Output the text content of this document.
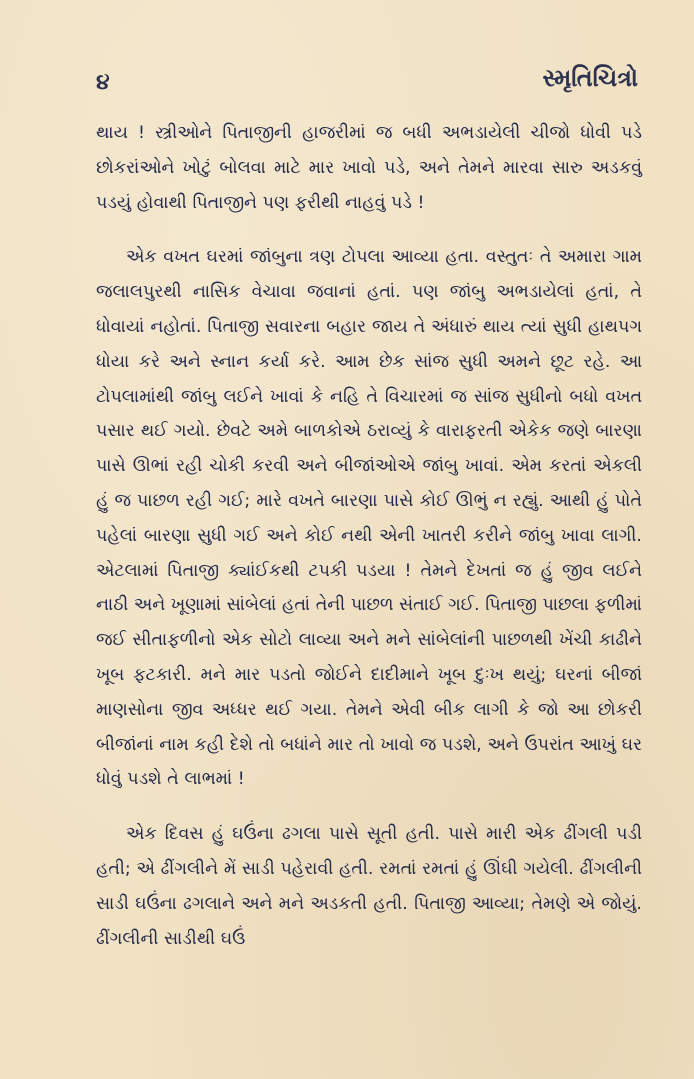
૪	સ્મૃતિચિત્રો

થાય ! સ્ત્રીઓને પિતાજીની હાજરીમાં જ બધી અભડાયેલી ચીજો ધોવી પડે છોકરાંઓને ખોટું બોલવા માટે માર ખાવો પડે, અને તેમને મારવા સારુ અડકવું પડયું હોવાથી પિતાજીને પણ ફરીથી નાહવું પડે !

એક વખત ઘરમાં જાંબુના ત્રણ ટોપલા આવ્યા હતા. વસ્તુતઃ તે અમારા ગામ જલાલપુરથી નાસિક વેચાવા જવાનાં હતાં. પણ જાંબુ અભડાયેલાં હતાં, તે ધોવાયાં નહોતાં. પિતાજી સવારના બહાર જાય તે અંધારું થાય ત્યાં સુધી હાથપગ ધોયા કરે અને સ્નાન કર્યા કરે. આમ છેક સાંજ સુધી અમને છૂટ રહે. આ ટોપલામાંથી જાંબુ લઈને ખાવાં કે નહિ તે વિચારમાં જ સાંજ સુધીનો બધો વખત પસાર થઈ ગયો. છેવટે અમે બાળકોએ ઠરાવ્યું કે વારાફરતી એકેક જણે બારણા પાસે ઊભાં રહી ચોકી કરવી અને બીજાંઓએ જાંબુ ખાવાં. એમ કરતાં એકલી હું જ પાછળ રહી ગઈ; મારે વખતે બારણા પાસે કોઈ ઊભું ન રહ્યું. આથી હું પોતે પહેલાં બારણા સુધી ગઈ અને કોઈ નથી એની ખાતરી કરીને જાંબુ ખાવા લાગી. એટલામાં પિતાજી ક્યાંઈકથી ટપકી પડયા ! તેમને દેખતાં જ હું જીવ લઈને નાઠી અને ખૂણામાં સાંબેલાં હતાં તેની પાછળ સંતાઈ ગઈ. પિતાજી પાછલા ફળીમાં જઈ સીતાફળીનો એક સોટો લાવ્યા અને મને સાંબેલાંની પાછળથી ખેંચી કાઢીને ખૂબ ફટકારી. મને માર પડતો જોઈને દાદીમાને ખૂબ દુઃખ થયું; ઘરનાં બીજાં માણસોના જીવ અધ્ધર થઈ ગયા. તેમને એવી બીક લાગી કે જો આ છોકરી બીજાંનાં નામ કહી દેશે તો બધાંને માર તો ખાવો જ પડશે, અને ઉપરાંત આખું ઘર ધોવું પડશે તે લાભમાં !

એક દિવસ હું ઘઉંના ઢગલા પાસે સૂતી હતી. પાસે મારી એક ઢીંગલી પડી હતી; એ ઢીંગલીને મેં સાડી પહેરાવી હતી. રમતાં રમતાં હું ઊંઘી ગયેલી. ઢીંગલીની સાડી ઘઉંના ઢગલાને અને મને અડકતી હતી. પિતાજી આવ્યા; તેમણે એ જોયું. ઢીંગલીની સાડીથી ઘઉં
